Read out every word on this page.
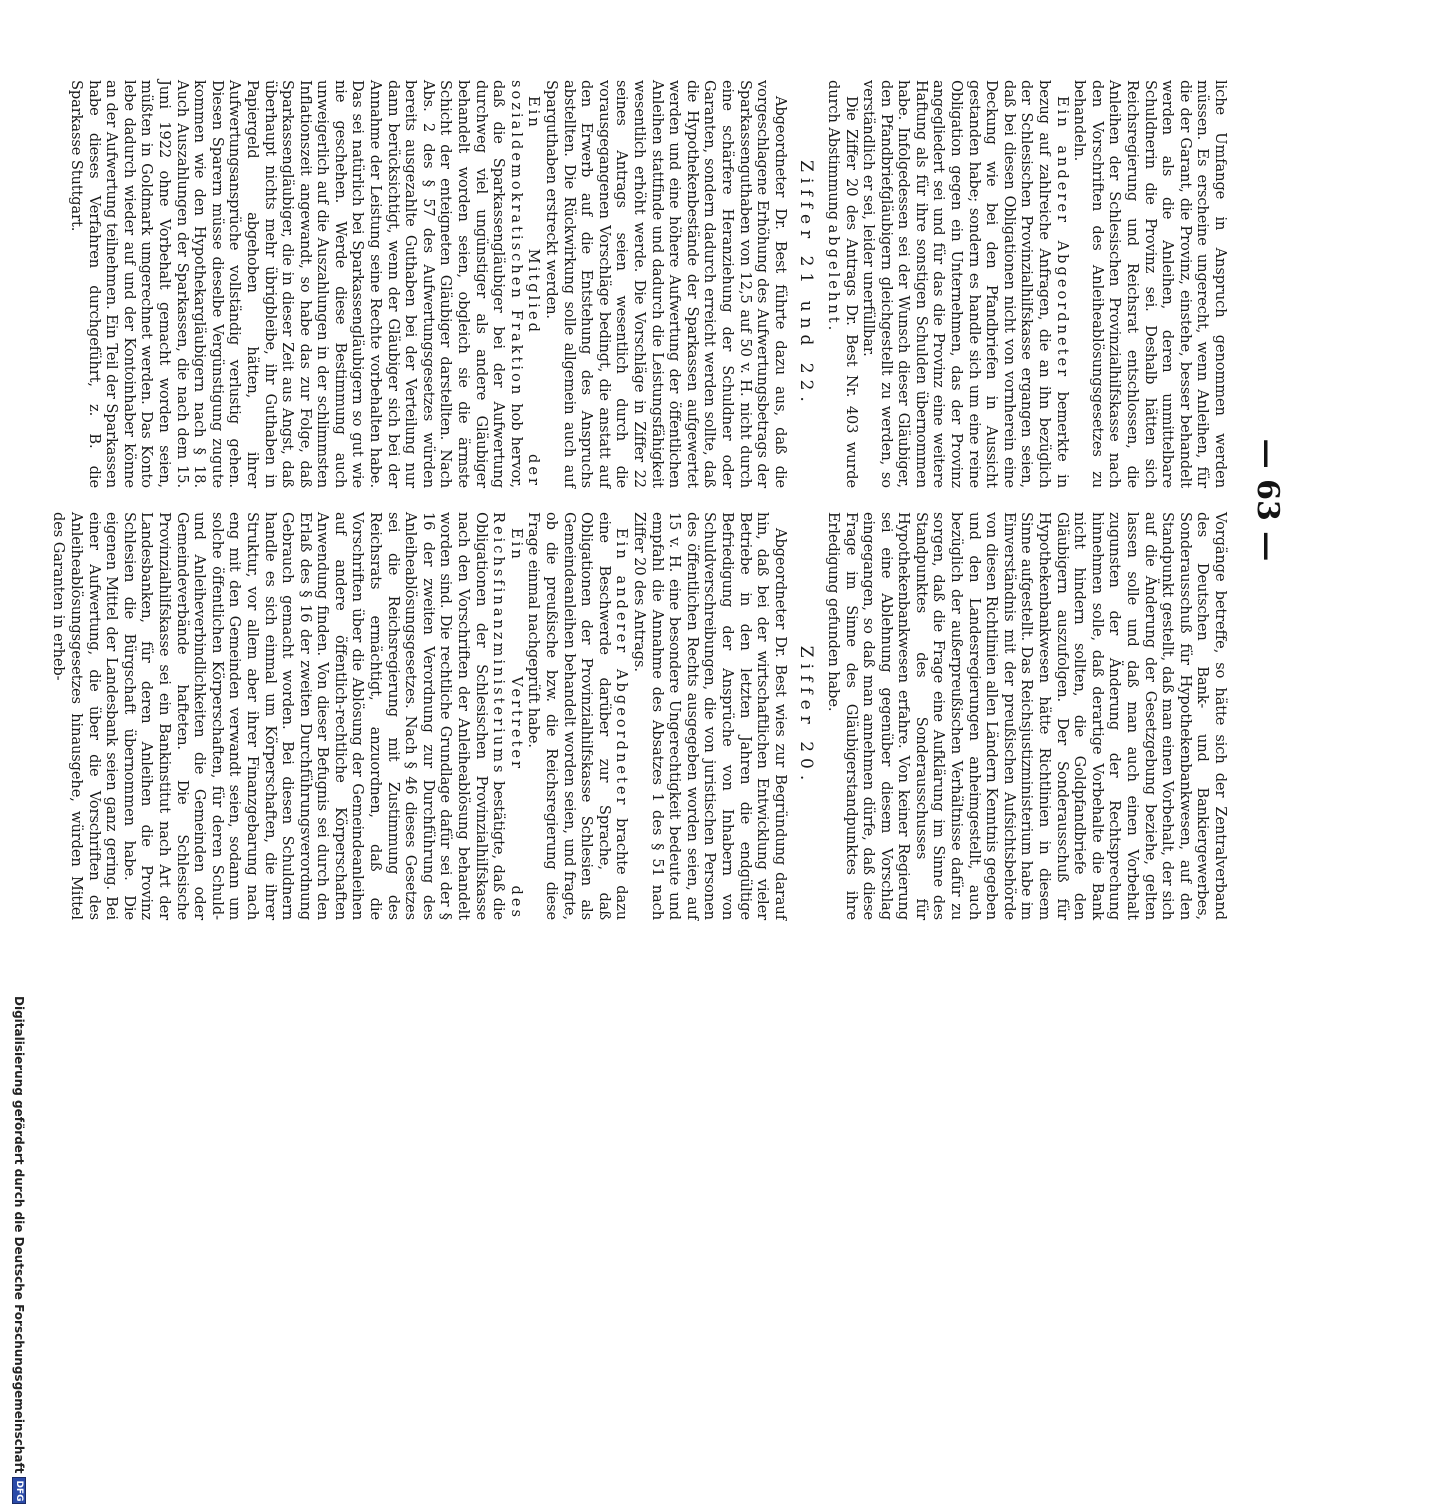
— 63 —

liche Umfange in Anspruch genommen werden müssen. Es erscheine ungerecht, wenn Anleihen, für die der Garant, die Provinz, einstehe, besser behandelt werden als die Anleihen, deren unmittelbare Schuldnerin die Provinz sei. Deshalb hätten sich Reichsregierung und Reichsrat entschlossen, die Anleihen der Schlesischen Provinzialhilfskasse nach den Vorschriften des Anleiheablösungsgesetzes zu behandeln.

Ein anderer Abgeordneter bemerkte in bezug auf zahlreiche Anfragen, die an ihn bezüglich der Schlesischen Provinzialhilfskasse ergangen seien, daß bei diesen Obligationen nicht von vornherein eine Deckung wie bei den Pfandbriefen in Aussicht gestanden habe; sondern es handle sich um eine reine Obligation gegen ein Unternehmen, das der Provinz angegliedert sei und für das die Provinz eine weitere Haftung als für ihre sonstigen Schulden übernommen habe. Infolgedessen sei der Wunsch dieser Gläubiger, den Pfandbriefgläubigern gleichgestellt zu werden, so verständlich er sei, leider unerfüllbar.

Die Ziffer 20 des Antrags Dr. Best Nr. 403 wurde durch Abstimmung abgelehnt.

Ziffer 21 und 22.

Abgeordneter Dr. Best führte dazu aus, daß die vorgeschlagene Erhöhung des Aufwertungsbetrags der Sparkassenguthaben von 12,5 auf 50 v. H. nicht durch eine schärfere Heranziehung der Schuldner oder Garanten, sondern dadurch erreicht werden sollte, daß die Hypothekenbestände der Sparkassen aufgewertet werden und eine höhere Aufwertung der öffentlichen Anleihen stattfinde und dadurch die Leistungsfähigkeit wesentlich erhöht werde. Die Vorschläge in Ziffer 22 seines Antrags seien wesentlich durch die vorausgegangenen Vorschläge bedingt, die anstatt auf den Erwerb auf die Entstehung des Anspruchs abstellten. Die Rückwirkung solle allgemein auch auf Sparguthaben erstreckt werden.

Ein Mitglied der sozialdemokratischen Fraktion hob hervor, daß die Sparkassengläubiger bei der Aufwertung durchweg viel ungünstiger als andere Gläubiger behandelt worden seien, obgleich sie die ärmste Schicht der enteigneten Gläubiger darstellten. Nach Abs. 2 des § 57 des Aufwertungsgesetzes würden bereits ausgezahlte Guthaben bei der Verteilung nur dann berücksichtigt, wenn der Gläubiger sich bei der Annahme der Leistung seine Rechte vorbehalten habe. Das sei natürlich bei Sparkassengläubigern so gut wie nie geschehen. Werde diese Bestimmung auch unweigerlich auf die Auszahlungen in der schlimmsten Inflationszeit angewandt, so habe das zur Folge, daß Sparkassengläubiger, die in dieser Zeit aus Angst, daß überhaupt nichts mehr übrigbleibe, ihr Guthaben in Papiergeld abgehoben hätten, ihrer Aufwertungsansprüche vollständig verlustig gehen. Diesen Sparern müsse dieselbe Vergünstigung zugute kommen wie den Hypothekargläubigern nach § 18. Auch Auszahlungen der Sparkassen, die nach dem 15. Juni 1922 ohne Vorbehalt gemacht worden seien, müßten in Goldmark umgerechnet werden. Das Konto lebe dadurch wieder auf und der Kontoinhaber könne an der Aufwertung teilnehmen. Ein Teil der Sparkassen habe dieses Verfahren durchgeführt, z. B. die Sparkasse Stuttgart.

Vorgänge betreffe, so hätte sich der Zentralverband des Deutschen Bank- und Bankiergewerbes, Sonderausschuß für Hypothekenbankwesen, auf den Standpunkt gestellt, daß man einen Vorbehalt, der sich auf die Änderung der Gesetzgebung beziehe, gelten lassen solle und daß man auch einen Vorbehalt zugunsten der Änderung der Rechtsprechung hinnehmen solle, daß derartige Vorbehalte die Bank nicht hindern sollten, die Goldpfandbriefe den Gläubigern auszufolgen. Der Sonderausschuß für Hypothekenbankwesen hätte Richtlinien in diesem Sinne aufgestellt. Das Reichsjustizministerium habe im Einverständnis mit der preußischen Aufsichtsbehörde von diesen Richtlinien allen Ländern Kenntnis gegeben und den Landesregierungen anheimgestellt, auch bezüglich der außerpreußischen Verhältnisse dafür zu sorgen, daß die Frage eine Aufklärung im Sinne des Standpunktes des Sonderausschusses für Hypothekenbankwesen erfahre. Von keiner Regierung sei eine Ablehnung gegenüber diesem Vorschlag eingegangen, so daß man annehmen dürfe, daß diese Frage im Sinne des Gläubigerstandpunktes ihre Erledigung gefunden habe.

Ziffer 20.

Abgeordneter Dr. Best wies zur Begründung darauf hin, daß bei der wirtschaftlichen Entwicklung vieler Betriebe in den letzten Jahren die endgültige Befriedigung der Ansprüche von Inhabern von Schuldverschreibungen, die von juristischen Personen des öffentlichen Rechts ausgegeben worden seien, auf 15 v. H. eine besondere Ungerechtigkeit bedeute und empfahl die Annahme des Absatzes 1 des § 51 nach Ziffer 20 des Antrags.

Ein anderer Abgeordneter brachte dazu eine Beschwerde darüber zur Sprache, daß Obligationen der Provinzialhilfskasse Schlesien als Gemeindeanleihen behandelt worden seien, und fragte, ob die preußische bzw. die Reichsregierung diese Frage einmal nachgeprüft habe.

Ein Vertreter des Reichsfinanzministeriums bestätigte, daß die Obligationen der Schlesischen Provinzialhilfskasse nach den Vorschriften der Anleiheablösung behandelt worden sind. Die rechtliche Grundlage dafür sei der § 16 der zweiten Verordnung zur Durchführung des Anleiheablösungsgesetzes. Nach § 46 dieses Gesetzes sei die Reichsregierung mit Zustimmung des Reichsrats ermächtigt, anzuordnen, daß die Vorschriften über die Ablösung der Gemeindeanleihen auf andere öffentlich-rechtliche Körperschaften Anwendung finden. Von dieser Befugnis sei durch den Erlaß des § 16 der zweiten Durchführungsverordnung Gebrauch gemacht worden. Bei diesen Schuldnern handle es sich einmal um Körperschaften, die ihrer Struktur, vor allem aber ihrer Finanzgebarung nach eng mit den Gemeinden verwandt seien, sodann um solche öffentlichen Körperschaften, für deren Schuld- und Anleiheverbindlichkeiten die Gemeinden oder Gemeindeverbände hafteten. Die Schlesische Provinzialhilfskasse sei ein Bankinstitut nach Art der Landesbanken, für deren Anleihen die Provinz Schlesien die Bürgschaft übernommen habe. Die eigenen Mittel der Landesbank seien ganz gering. Bei einer Aufwertung, die über die Vorschriften des Anleiheablösungsgesetzes hinausgehe, würden Mittel des Garanten in erheb-

Digitalisierung gefördert durch die Deutsche Forschungsgemeinschaft
DFG
